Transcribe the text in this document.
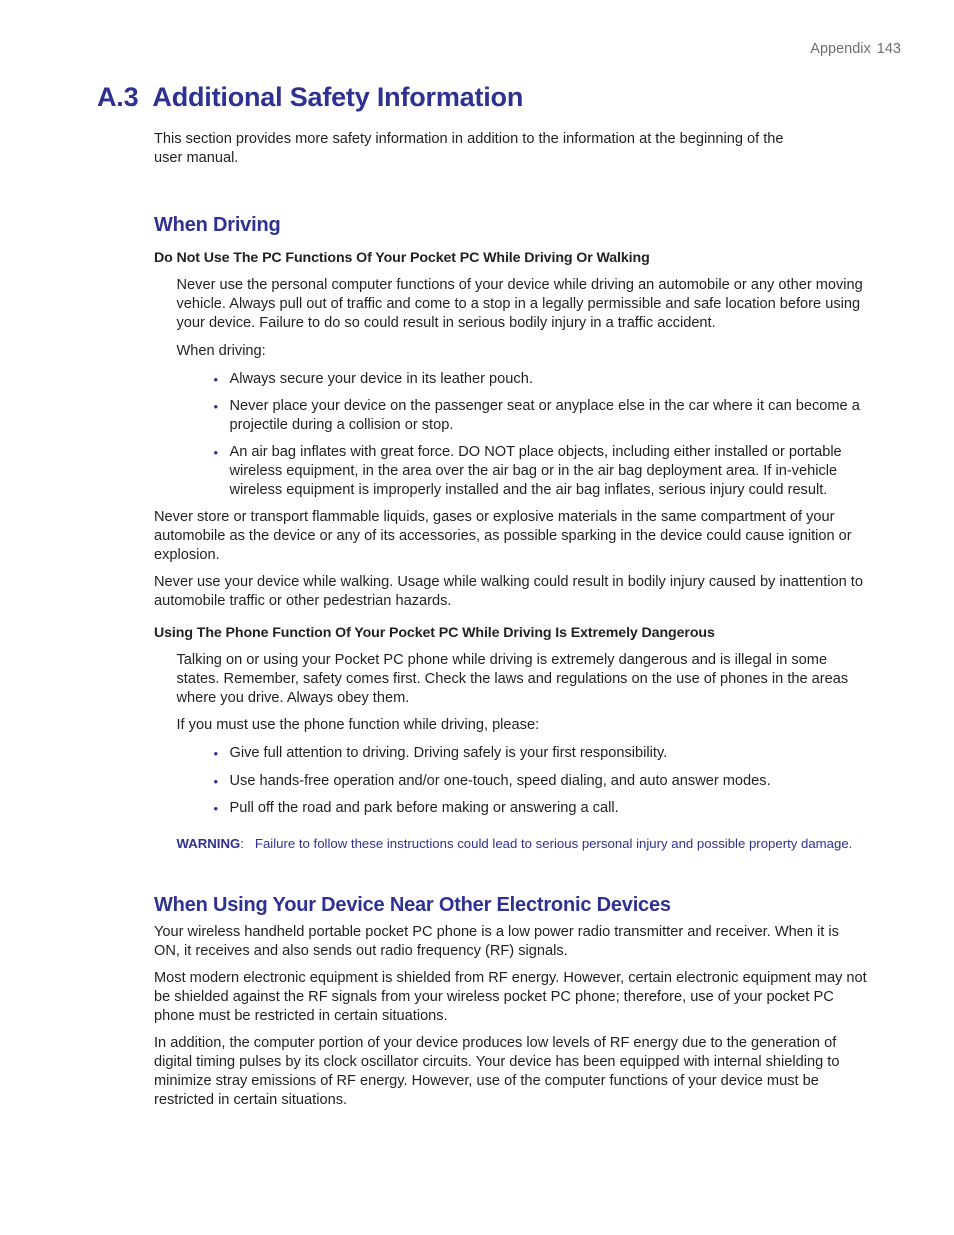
Appendix 143
A.3 Additional Safety Information

This section provides more safety information in addition to the information at the beginning of the user manual.

When Driving
Do Not Use The PC Functions Of Your Pocket PC While Driving Or Walking

Never use the personal computer functions of your device while driving an automobile or any other moving vehicle. Always pull out of traffic and come to a stop in a legally permissible and safe location before using your device. Failure to do so could result in serious bodily injury in a traffic accident.

When driving:

• Always secure your device in its leather pouch.
• Never place your device on the passenger seat or anyplace else in the car where it can become a projectile during a collision or stop.
• An air bag inflates with great force. DO NOT place objects, including either installed or portable wireless equipment, in the area over the air bag or in the air bag deployment area. If in-vehicle wireless equipment is improperly installed and the air bag inflates, serious injury could result.

Never store or transport flammable liquids, gases or explosive materials in the same compartment of your automobile as the device or any of its accessories, as possible sparking in the device could cause ignition or explosion.

Never use your device while walking. Usage while walking could result in bodily injury caused by inattention to automobile traffic or other pedestrian hazards.

Using The Phone Function Of Your Pocket PC While Driving Is Extremely Dangerous

Talking on or using your Pocket PC phone while driving is extremely dangerous and is illegal in some states. Remember, safety comes first. Check the laws and regulations on the use of phones in the areas where you drive. Always obey them.

If you must use the phone function while driving, please:

• Give full attention to driving. Driving safely is your first responsibility.
• Use hands-free operation and/or one-touch, speed dialing, and auto answer modes.
• Pull off the road and park before making or answering a call.

WARNING:   Failure to follow these instructions could lead to serious personal injury and possible property damage.

When Using Your Device Near Other Electronic Devices

Your wireless handheld portable pocket PC phone is a low power radio transmitter and receiver. When it is ON, it receives and also sends out radio frequency (RF) signals.

Most modern electronic equipment is shielded from RF energy. However, certain electronic equipment may not be shielded against the RF signals from your wireless pocket PC phone; therefore, use of your pocket PC phone must be restricted in certain situations.

In addition, the computer portion of your device produces low levels of RF energy due to the generation of digital timing pulses by its clock oscillator circuits. Your device has been equipped with internal shielding to minimize stray emissions of RF energy. However, use of the computer functions of your device must be restricted in certain situations.
